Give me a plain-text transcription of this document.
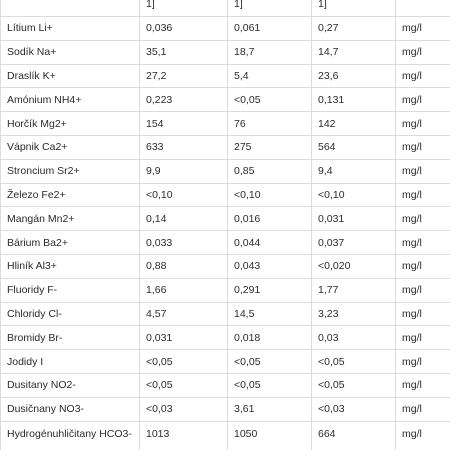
	1]	1]	1]	
Lítium Li+	0,036	0,061	0,27	mg/l
Sodík Na+	35,1	18,7	14,7	mg/l
Draslík K+	27,2	5,4	23,6	mg/l
Amónium NH4+	0,223	<0,05	0,131	mg/l
Horčík Mg2+	154	76	142	mg/l
Vápnik Ca2+	633	275	564	mg/l
Stroncium Sr2+	9,9	0,85	9,4	mg/l
Železo Fe2+	<0,10	<0,10	<0,10	mg/l
Mangán Mn2+	0,14	0,016	0,031	mg/l
Bárium Ba2+	0,033	0,044	0,037	mg/l
Hliník Al3+	0,88	0,043	<0,020	mg/l
Fluoridy F-	1,66	0,291	1,77	mg/l
Chloridy Cl-	4,57	14,5	3,23	mg/l
Bromidy Br-	0,031	0,018	0,03	mg/l
Jodidy I	<0,05	<0,05	<0,05	mg/l
Dusitany NO2-	<0,05	<0,05	<0,05	mg/l
Dusičnany NO3-	<0,03	3,61	<0,03	mg/l
Hydrogénuhličitany HCO3-	1013	1050	664	mg/l
